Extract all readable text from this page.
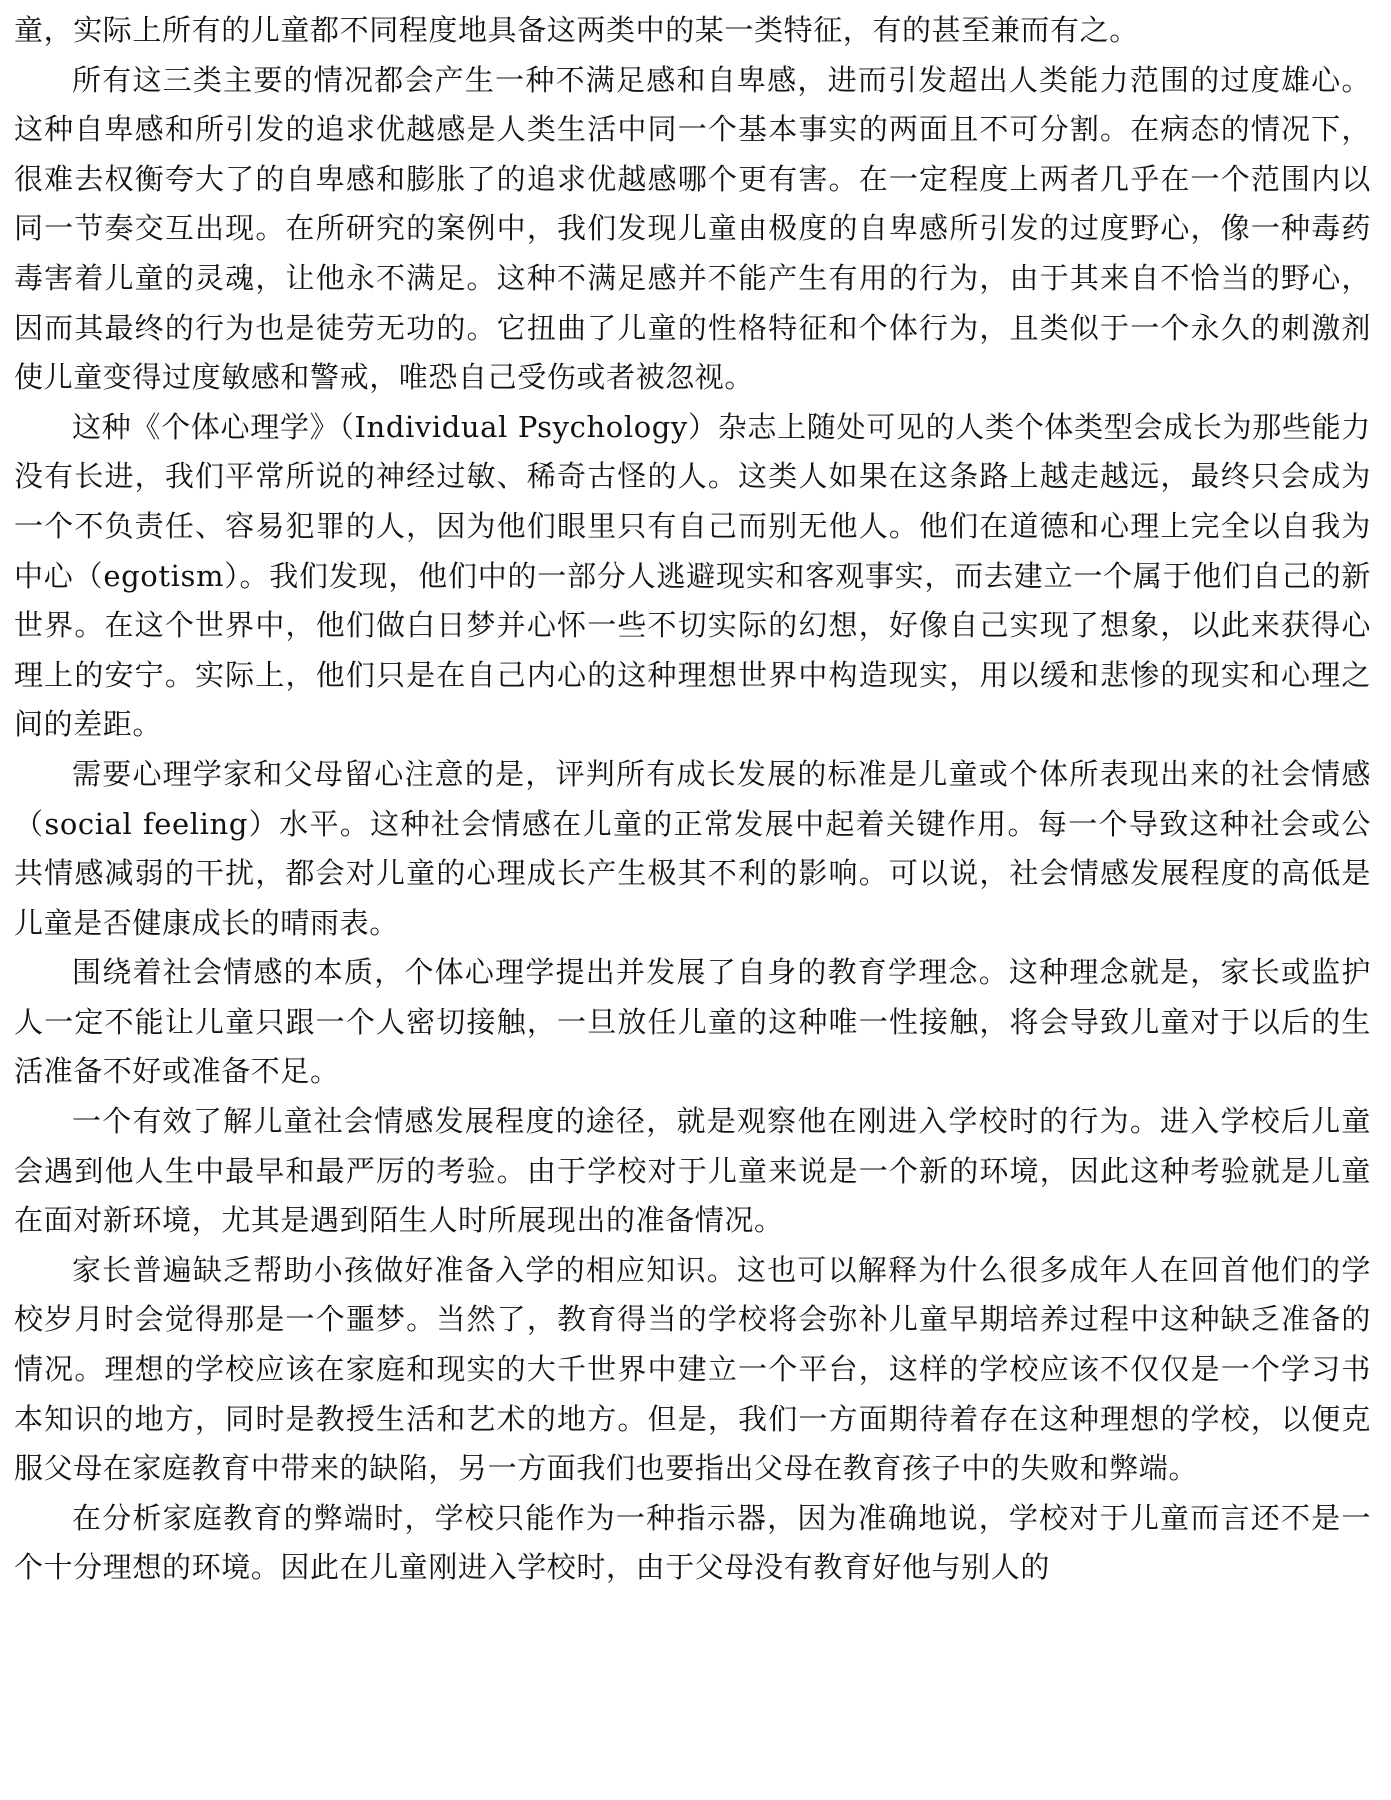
童，实际上所有的儿童都不同程度地具备这两类中的某一类特征，有的甚至兼而有之。

所有这三类主要的情况都会产生一种不满足感和自卑感，进而引发超出人类能力范围的过度雄心。这种自卑感和所引发的追求优越感是人类生活中同一个基本事实的两面且不可分割。在病态的情况下，很难去权衡夸大了的自卑感和膨胀了的追求优越感哪个更有害。在一定程度上两者几乎在一个范围内以同一节奏交互出现。在所研究的案例中，我们发现儿童由极度的自卑感所引发的过度野心，像一种毒药毒害着儿童的灵魂，让他永不满足。这种不满足感并不能产生有用的行为，由于其来自不恰当的野心，因而其最终的行为也是徒劳无功的。它扭曲了儿童的性格特征和个体行为，且类似于一个永久的刺激剂使儿童变得过度敏感和警戒，唯恐自己受伤或者被忽视。

这种《个体心理学》（Individual Psychology）杂志上随处可见的人类个体类型会成长为那些能力没有长进，我们平常所说的神经过敏、稀奇古怪的人。这类人如果在这条路上越走越远，最终只会成为一个不负责任、容易犯罪的人，因为他们眼里只有自己而别无他人。他们在道德和心理上完全以自我为中心（egotism）。我们发现，他们中的一部分人逃避现实和客观事实，而去建立一个属于他们自己的新世界。在这个世界中，他们做白日梦并心怀一些不切实际的幻想，好像自己实现了想象，以此来获得心理上的安宁。实际上，他们只是在自己内心的这种理想世界中构造现实，用以缓和悲惨的现实和心理之间的差距。

需要心理学家和父母留心注意的是，评判所有成长发展的标准是儿童或个体所表现出来的社会情感（social feeling）水平。这种社会情感在儿童的正常发展中起着关键作用。每一个导致这种社会或公共情感减弱的干扰，都会对儿童的心理成长产生极其不利的影响。可以说，社会情感发展程度的高低是儿童是否健康成长的晴雨表。

围绕着社会情感的本质，个体心理学提出并发展了自身的教育学理念。这种理念就是，家长或监护人一定不能让儿童只跟一个人密切接触，一旦放任儿童的这种唯一性接触，将会导致儿童对于以后的生活准备不好或准备不足。

一个有效了解儿童社会情感发展程度的途径，就是观察他在刚进入学校时的行为。进入学校后儿童会遇到他人生中最早和最严厉的考验。由于学校对于儿童来说是一个新的环境，因此这种考验就是儿童在面对新环境，尤其是遇到陌生人时所展现出的准备情况。

家长普遍缺乏帮助小孩做好准备入学的相应知识。这也可以解释为什么很多成年人在回首他们的学校岁月时会觉得那是一个噩梦。当然了，教育得当的学校将会弥补儿童早期培养过程中这种缺乏准备的情况。理想的学校应该在家庭和现实的大千世界中建立一个平台，这样的学校应该不仅仅是一个学习书本知识的地方，同时是教授生活和艺术的地方。但是，我们一方面期待着存在这种理想的学校，以便克服父母在家庭教育中带来的缺陷，另一方面我们也要指出父母在教育孩子中的失败和弊端。

在分析家庭教育的弊端时，学校只能作为一种指示器，因为准确地说，学校对于儿童而言还不是一个十分理想的环境。因此在儿童刚进入学校时，由于父母没有教育好他与别人的
